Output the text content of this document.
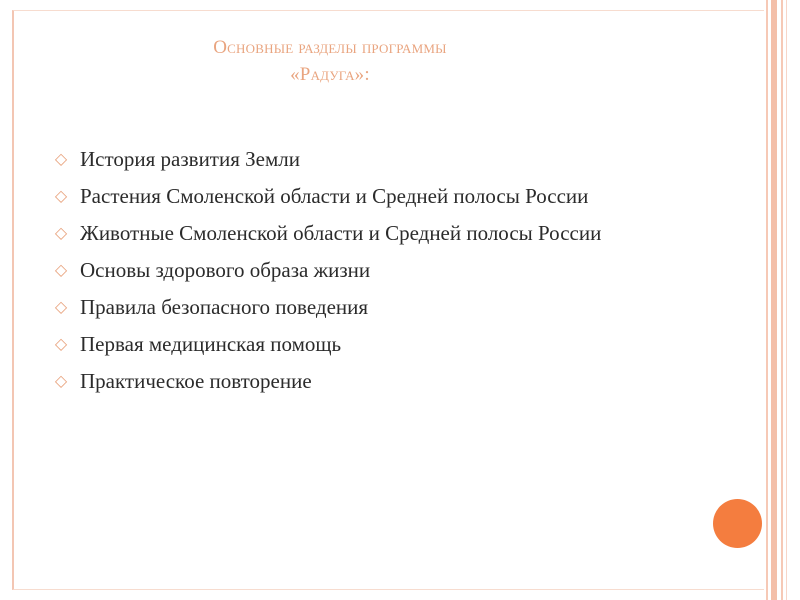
Основные разделы программы
«Радуга»:
◇ История развития Земли
◇ Растения Смоленской области и Средней полосы России
◇ Животные Смоленской области и Средней полосы России
◇ Основы здорового образа жизни
◇ Правила безопасного поведения
◇ Первая медицинская помощь
◇ Практическое повторение
